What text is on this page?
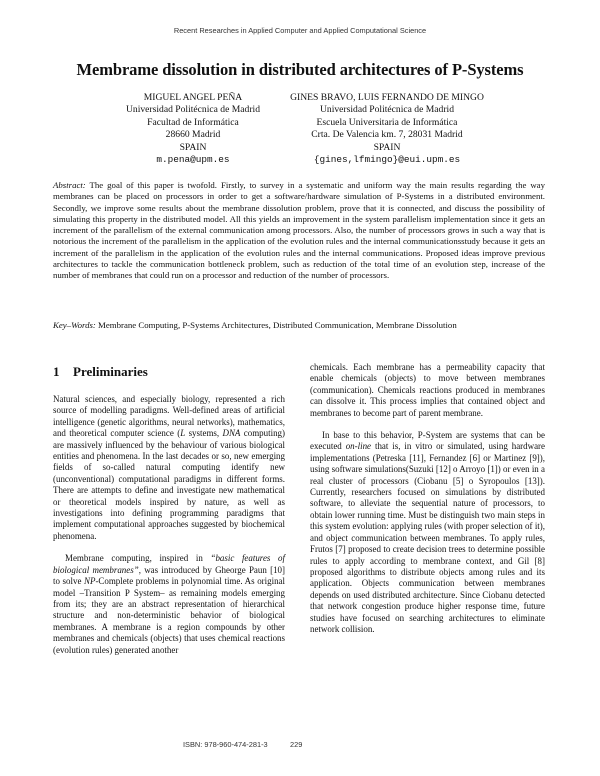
Recent Researches in Applied Computer and Applied Computational Science
Membrame dissolution in distributed architectures of P-Systems
MIGUEL ANGEL PEÑA
Universidad Politécnica de Madrid
Facultad de Informática
28660 Madrid
SPAIN
m.pena@upm.es
GINES BRAVO, LUIS FERNANDO DE MINGO
Universidad Politécnica de Madrid
Escuela Universitaria de Informática
Crta. De Valencia km. 7, 28031 Madrid
SPAIN
{gines,lfmingo}@eui.upm.es

Abstract: The goal of this paper is twofold. Firstly, to survey in a systematic and uniform way the main results regarding the way membranes can be placed on processors in order to get a software/hardware simulation of P-Systems in a distributed environment. Secondly, we improve some results about the membrane dissolution problem, prove that it is connected, and discuss the possibility of simulating this property in the distributed model. All this yields an improvement in the system parallelism implementation since it gets an increment of the parallelism of the external communication among processors. Also, the number of processors grows in such a way that is notorious the increment of the parallelism in the application of the evolution rules and the internal communicationsstudy because it gets an increment of the parallelism in the application of the evolution rules and the internal communications. Proposed ideas improve previous architectures to tackle the communication bottleneck problem, such as reduction of the total time of an evolution step, increase of the number of membranes that could run on a processor and reduction of the number of processors.

Key–Words: Membrane Computing, P-Systems Architectures, Distributed Communication, Membrane Dissolution

1 Preliminaries

Natural sciences, and especially biology, represented a rich source of modelling paradigms. Well-defined areas of artificial intelligence (genetic algorithms, neural networks), mathematics, and theoretical computer science (L systems, DNA computing) are massively influenced by the behaviour of various biological entities and phenomena. In the last decades or so, new emerging fields of so-called natural computing identify new (unconventional) computational paradigms in different forms. There are attempts to define and investigate new mathematical or theoretical models inspired by nature, as well as investigations into defining programming paradigms that implement computational approaches suggested by biochemical phenomena.

Membrane computing, inspired in “basic features of biological membranes”, was introduced by Gheorge Paun [10] to solve NP-Complete problems in polynomial time. As original model –Transition P System– as remaining models emerging from its; they are an abstract representation of hierarchical structure and non-deterministic behavior of biological membranes. A membrane is a region compounds by other membranes and chemicals (objects) that uses chemical reactions (evolution rules) generated another

chemicals. Each membrane has a permeability capacity that enable chemicals (objects) to move between membranes (communication). Chemicals reactions produced in membranes can dissolve it. This process implies that contained object and membranes to become part of parent membrane.

In base to this behavior, P-System are systems that can be executed on-line that is, in vitro or simulated, using hardware implementations (Petreska [11], Fernandez [6] or Martinez [9]), using software simulations(Suzuki [12] o Arroyo [1]) or even in a real cluster of processors (Ciobanu [5] o Syropoulos [13]). Currently, researchers focused on simulations by distributed software, to alleviate the sequential nature of processors, to obtain lower running time. Must be distinguish two main steps in this system evolution: applying rules (with proper selection of it), and object communication between membranes. To apply rules, Frutos [7] proposed to create decision trees to determine possible rules to apply according to membrane context, and Gil [8] proposed algorithms to distribute objects among rules and its application. Objects communication between membranes depends on used distributed architecture. Since Ciobanu detected that network congestion produce higher response time, future studies have focused on searching architectures to eliminate network collision.

ISBN: 978-960-474-281-3	229
